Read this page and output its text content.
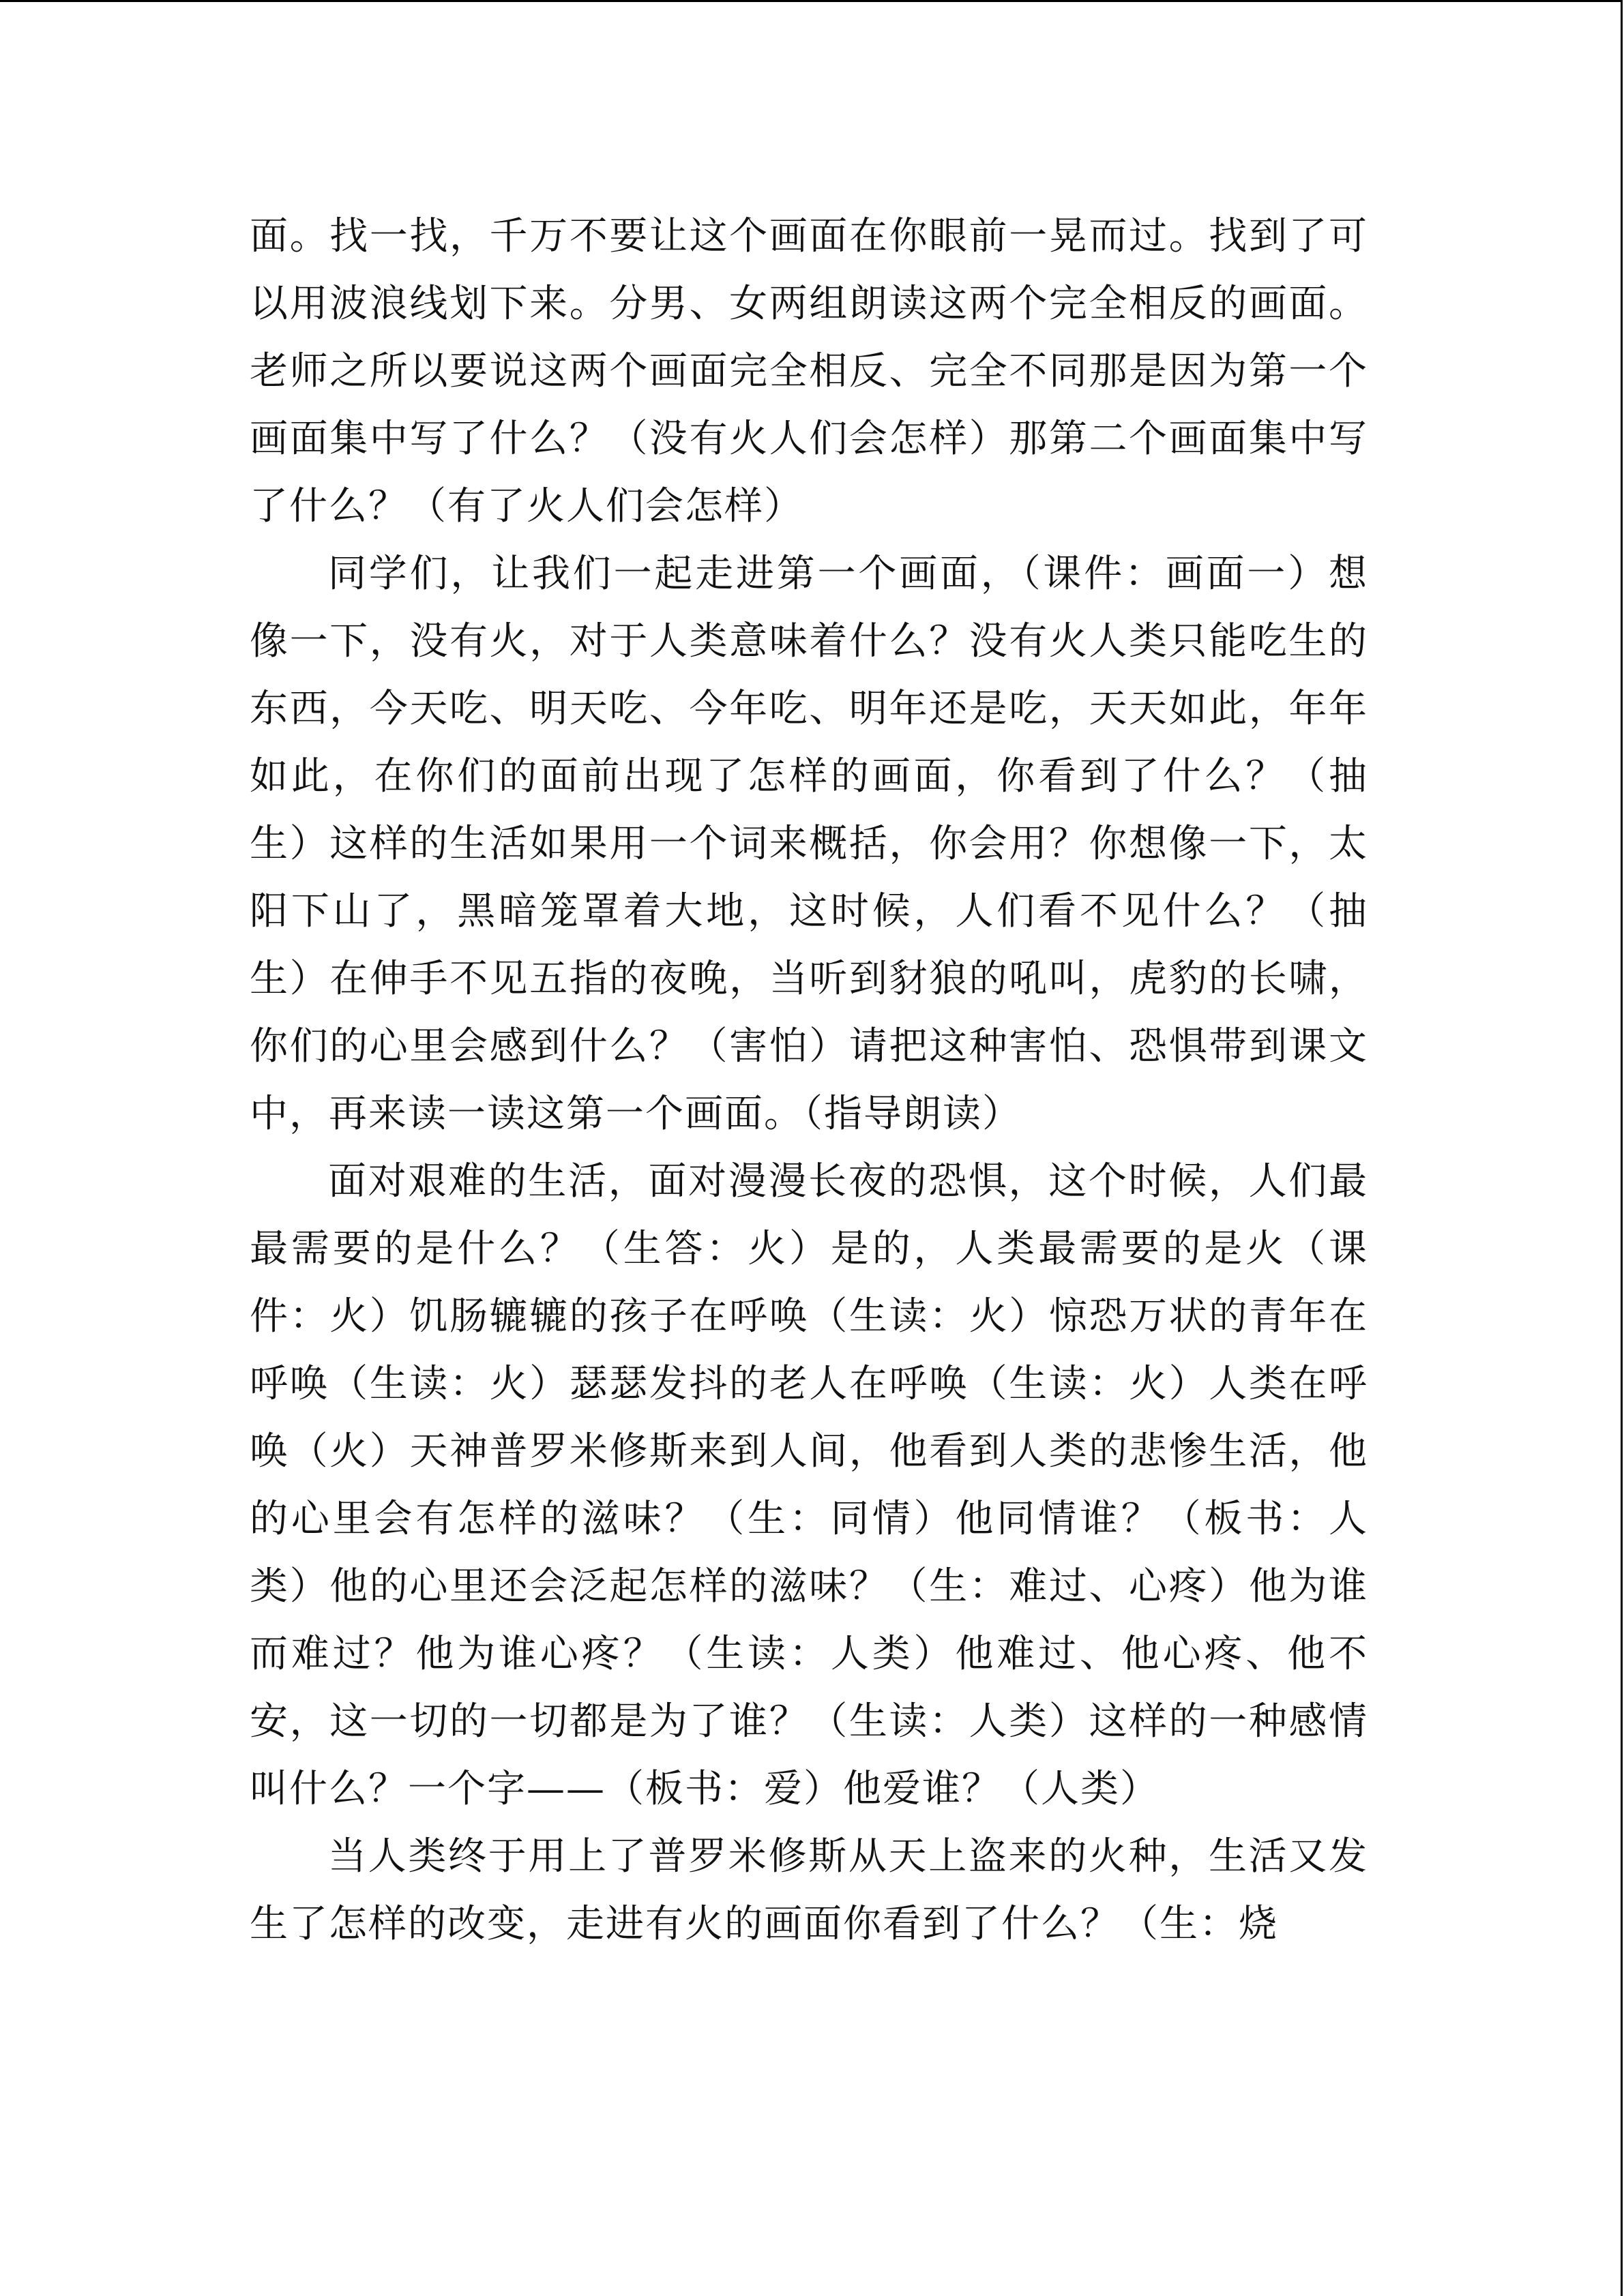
面。找一找，千万不要让这个画面在你眼前一晃而过。找到了可以用波浪线划下来。分男、女两组朗读这两个完全相反的画面。老师之所以要说这两个画面完全相反、完全不同那是因为第一个画面集中写了什么？（没有火人们会怎样）那第二个画面集中写了什么？（有了火人们会怎样）

同学们，让我们一起走进第一个画面，（课件：画面一）想像一下，没有火，对于人类意味着什么？没有火人类只能吃生的东西，今天吃、明天吃、今年吃、明年还是吃，天天如此，年年如此，在你们的面前出现了怎样的画面，你看到了什么？（抽生）这样的生活如果用一个词来概括，你会用？你想像一下，太阳下山了，黑暗笼罩着大地，这时候，人们看不见什么？（抽生）在伸手不见五指的夜晚，当听到豺狼的吼叫，虎豹的长啸，你们的心里会感到什么？（害怕）请把这种害怕、恐惧带到课文中，再来读一读这第一个画面。（指导朗读）

面对艰难的生活，面对漫漫长夜的恐惧，这个时候，人们最最需要的是什么？（生答：火）是的，人类最需要的是火（课件：火）饥肠辘辘的孩子在呼唤（生读：火）惊恐万状的青年在呼唤（生读：火）瑟瑟发抖的老人在呼唤（生读：火）人类在呼唤（火）天神普罗米修斯来到人间，他看到人类的悲惨生活，他的心里会有怎样的滋味？（生：同情）他同情谁？（板书：人类）他的心里还会泛起怎样的滋味？（生：难过、心疼）他为谁而难过？他为谁心疼？（生读：人类）他难过、他心疼、他不安，这一切的一切都是为了谁？（生读：人类）这样的一种感情叫什么？一个字——（板书：爱）他爱谁？（人类）

当人类终于用上了普罗米修斯从天上盗来的火种，生活又发生了怎样的改变，走进有火的画面你看到了什么？（生：烧
